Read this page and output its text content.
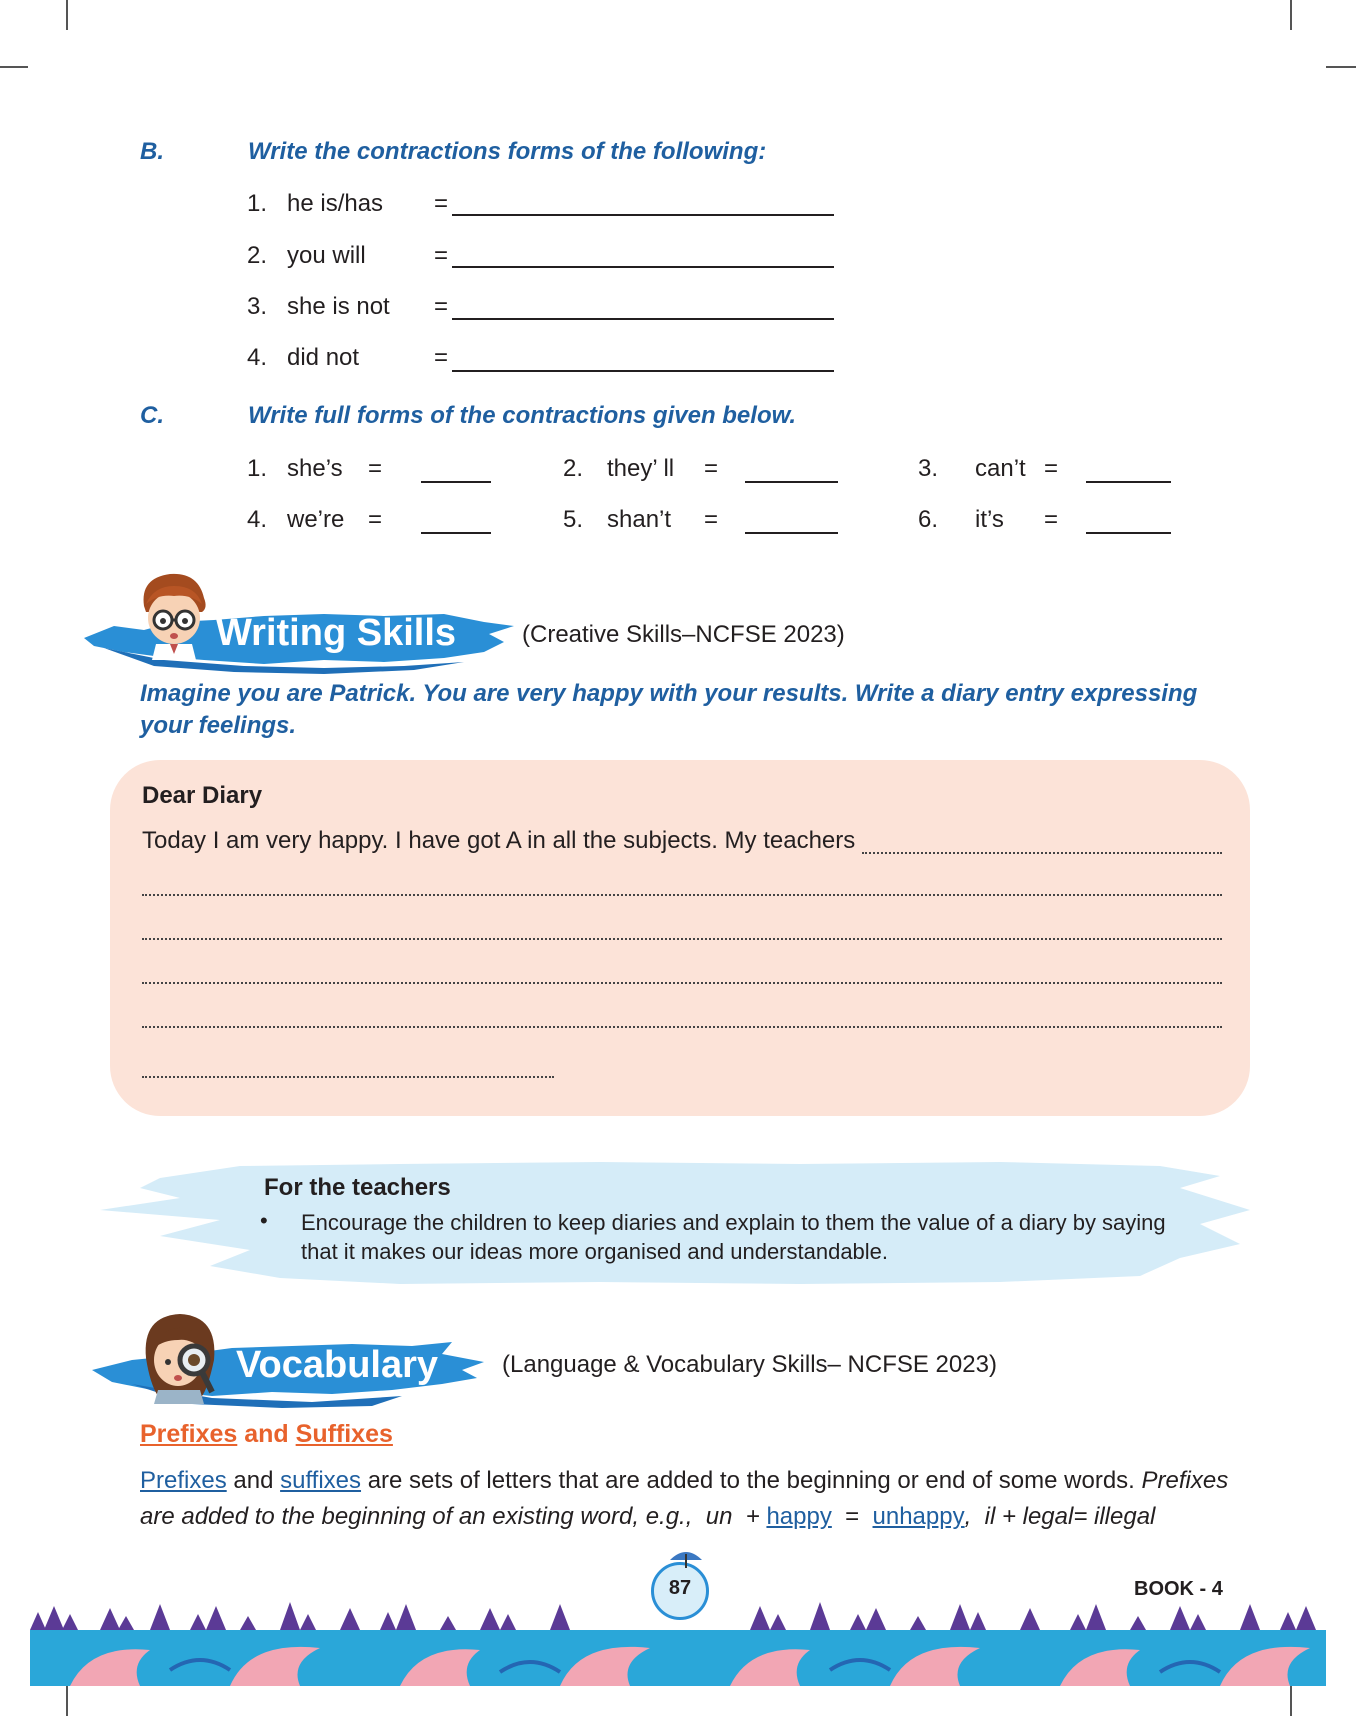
B.	Write the contractions forms of the following:
1. he is/has =
2. you will	=
3. she is not =
4. did not	=
C.	Write full forms of the contractions given below.
1. she’s =	2. they’ ll =	3. can’t =
4. we’re =	5. shan’t =	6. it’s =
Writing Skills	(Creative Skills–NCFSE 2023)
Imagine you are Patrick. You are very happy with your results. Write a diary entry expressing your feelings.
Dear Diary
Today I am very happy. I have got A in all the subjects. My teachers
For the teachers
• Encourage the children to keep diaries and explain to them the value of a diary by saying that it makes our ideas more organised and understandable.
Vocabulary	(Language & Vocabulary Skills– NCFSE 2023)
Prefixes and Suffixes
Prefixes and suffixes are sets of letters that are added to the beginning or end of some words. Prefixes are added to the beginning of an existing word, e.g.,  un  + happy  =  unhappy,  il + legal= illegal
87	BOOK - 4
